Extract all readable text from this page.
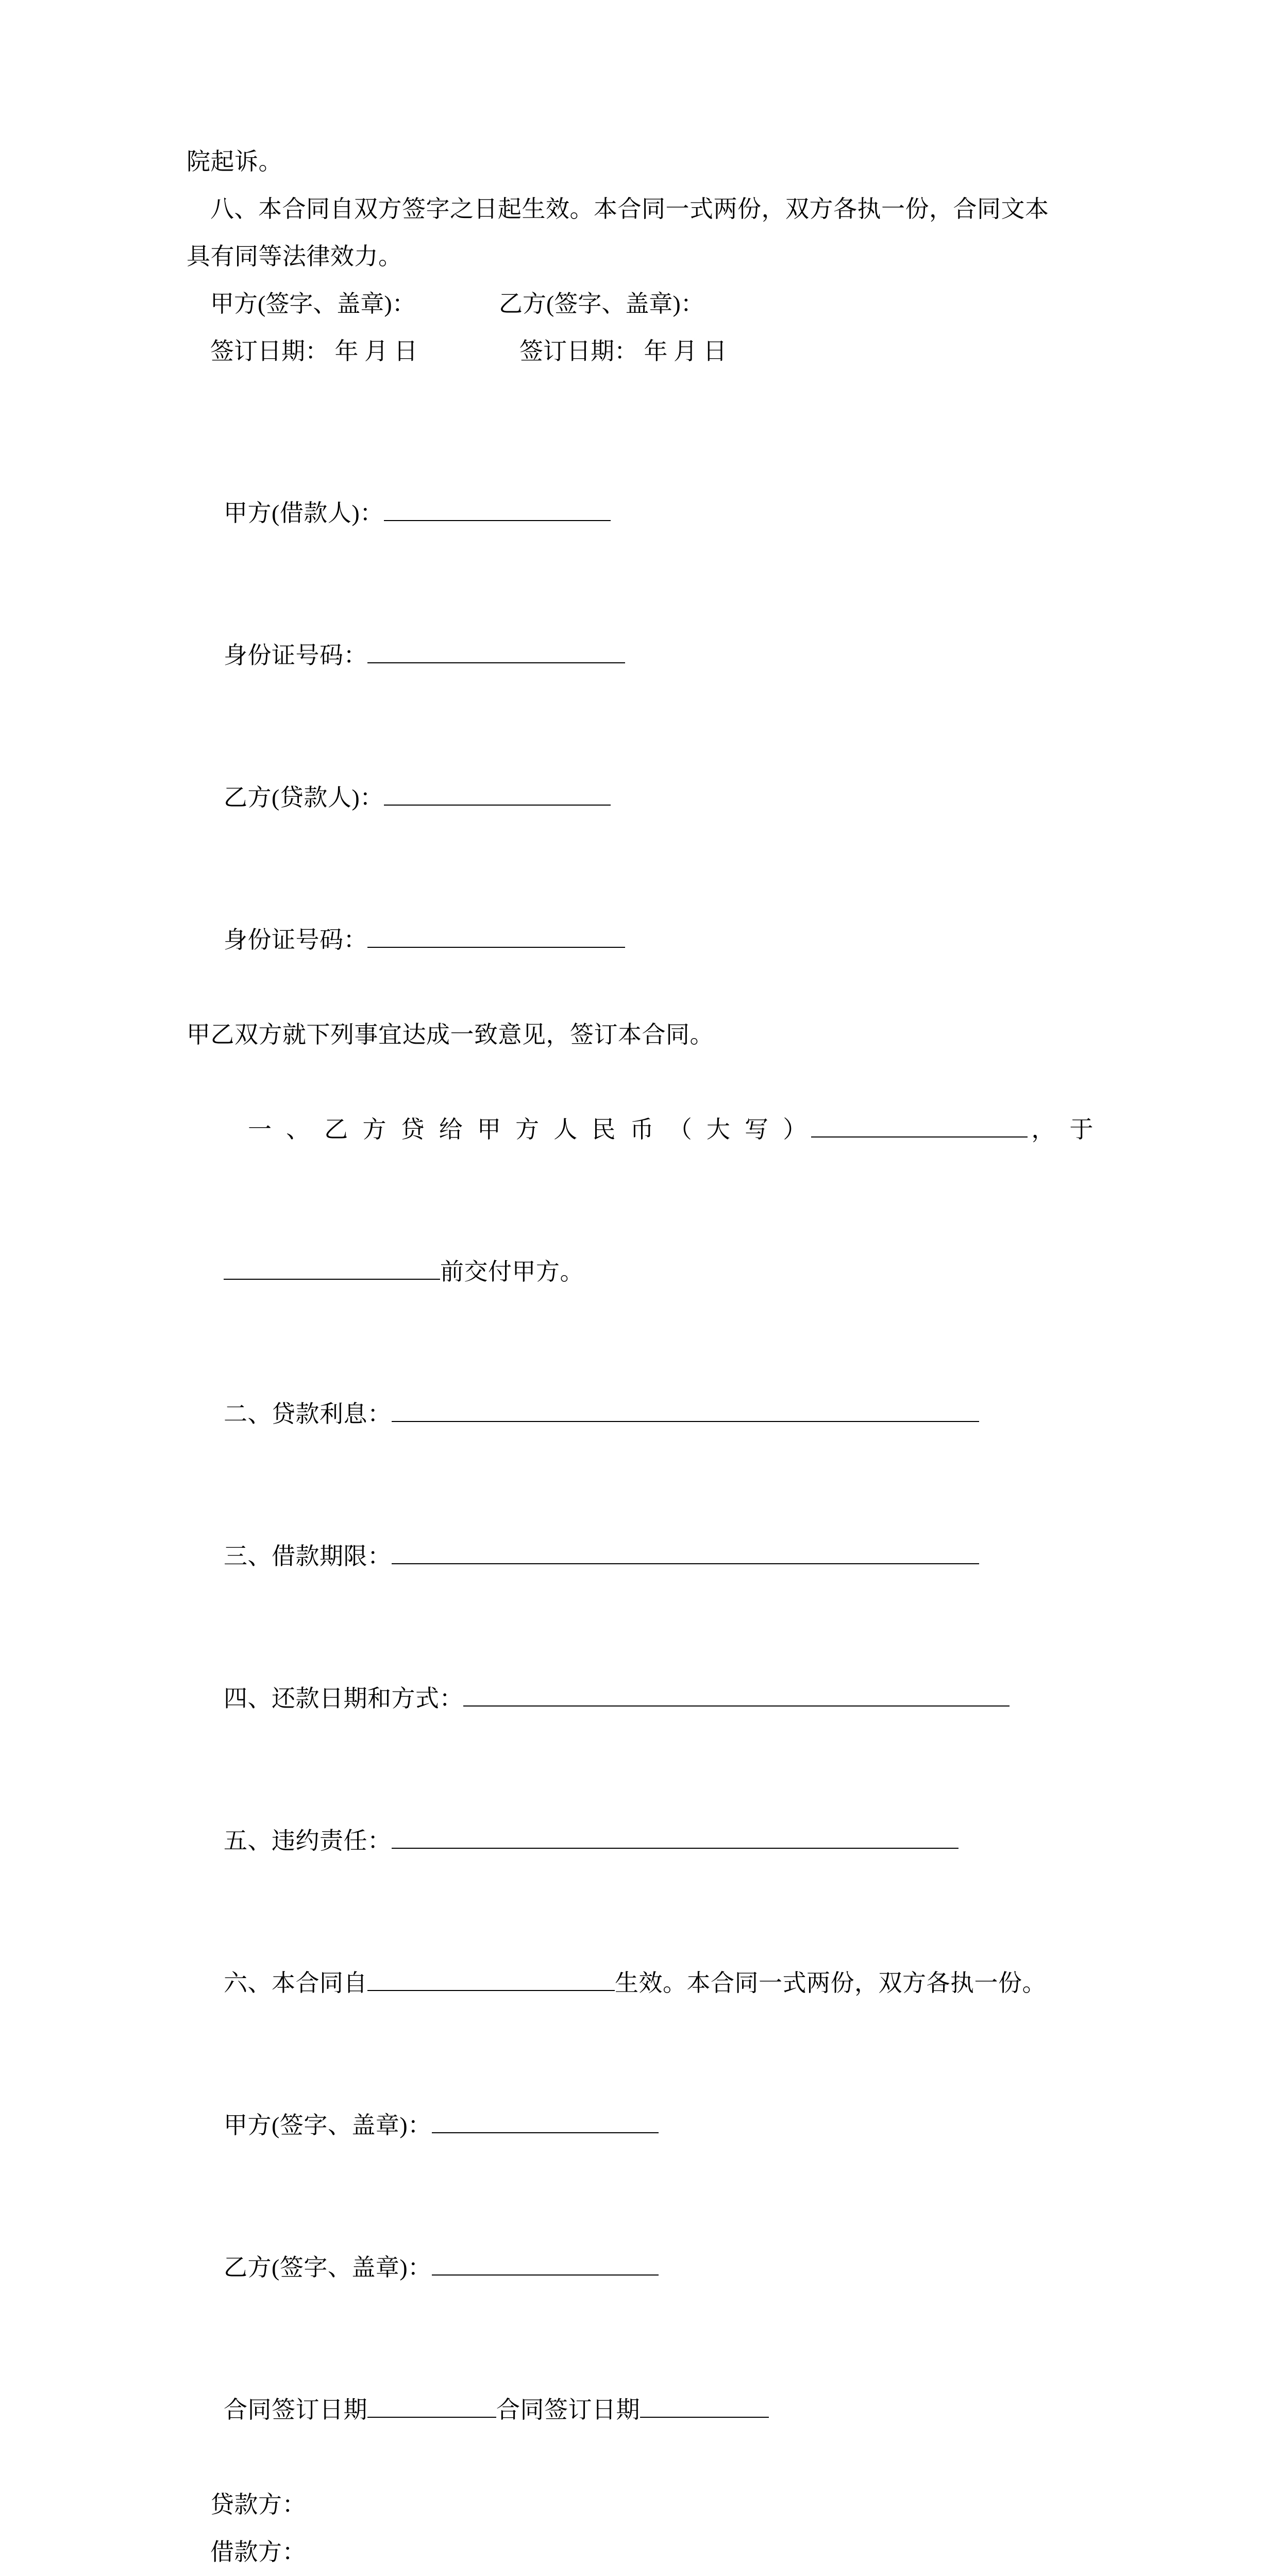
院起诉。
八、本合同自双方签字之日起生效。本合同一式两份，双方各执一份，合同文本
具有同等法律效力。
甲方(签字、盖章)：	乙方(签字、盖章)：
签订日期： 年 月 日	签订日期： 年 月 日

甲方(借款人)：

身份证号码：

乙方(贷款人)：

身份证号码：

甲乙双方就下列事宜达成一致意见，签订本合同。

一 、 乙 方 贷 给 甲 方 人 民 币 （ 大 写 ）	， 于

前交付甲方。

二、贷款利息：

三、借款期限：

四、还款日期和方式：

五、违约责任：

六、本合同自	生效。本合同一式两份，双方各执一份。

甲方(签字、盖章)：

乙方(签字、盖章)：

合同签订日期	合同签订日期

贷款方：
借款方：
